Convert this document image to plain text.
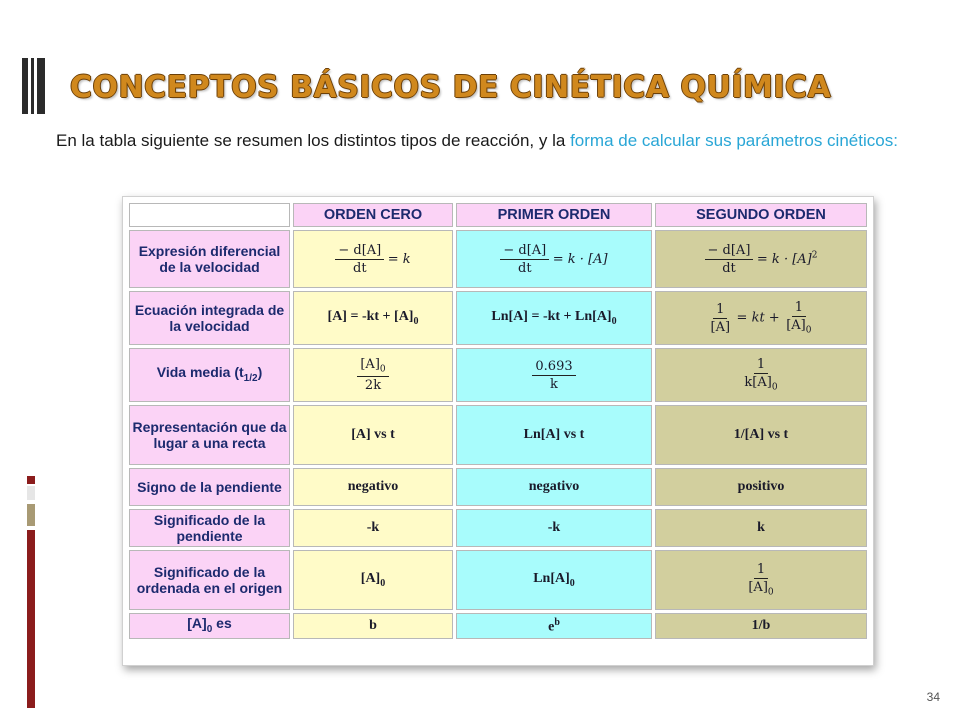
CONCEPTOS BÁSICOS DE CINÉTICA QUÍMICA

En la tabla siguiente se resumen los distintos tipos de reacción, y la forma de calcular sus parámetros cinéticos:

	ORDEN CERO	PRIMER ORDEN	SEGUNDO ORDEN
Expresión diferencial de la velocidad	$\frac{- d[A]}{dt} = k$	$\frac{- d[A]}{dt} = k \cdot [A]$	$\frac{- d[A]}{dt} = k \cdot [A]^2$
Ecuación integrada de la velocidad	$[A] = -kt + [A]_0$	$Ln[A] = -kt + Ln[A]_0$	$\frac{1}{[A]}$ = kt + $\frac{1}{[A]_0}$

Vida media $(t_{1/2})$	$\frac{[A]_0}{2k}$	$\frac{0.693}{k}$	$\frac{1}{k[A]_0}$

Representación que da lugar a una recta	[A] vs t	Ln[A] vs t	1/[A] vs t
Signo de la pendiente	negativo	negativo	positivo
Significado de la pendiente	-k	-k	k
Significado de la ordenada en el origen	$[A]_0$	$Ln[A]_0$	$\frac{1}{[A]_0}$

$[A]_0$ es	b	$e^b$	1/b
34
